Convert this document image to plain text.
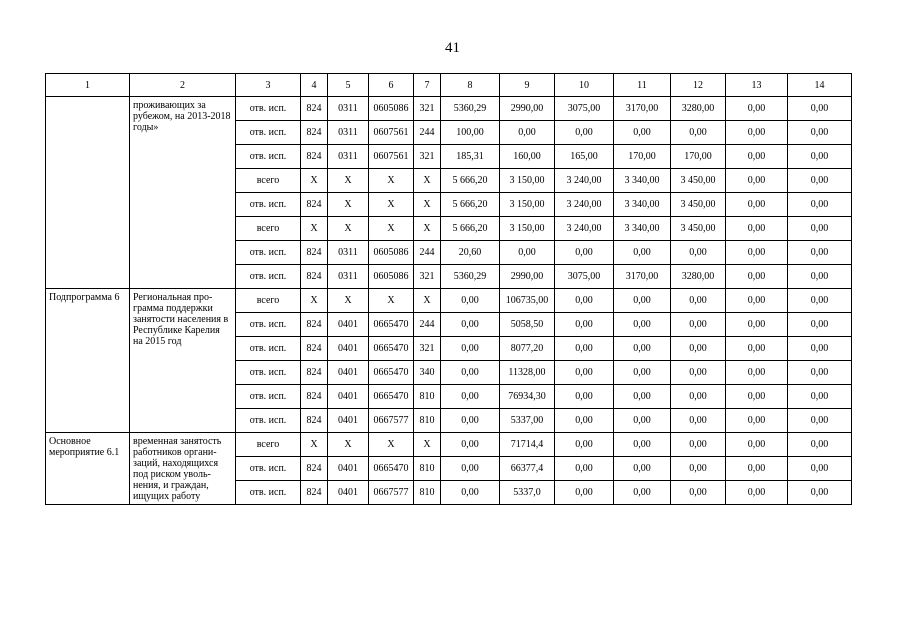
41
1	2	3	4	5	6	7	8	9	10	11	12	13	14
	проживающих за рубежом, на 2013-2018 годы»	отв. исп.	824	0311	0605086	321	5360,29	2990,00	3075,00	3170,00	3280,00	0,00	0,00
		отв. исп.	824	0311	0607561	244	100,00	0,00	0,00	0,00	0,00	0,00	0,00
		отв. исп.	824	0311	0607561	321	185,31	160,00	165,00	170,00	170,00	0,00	0,00
		всего	X	X	X	X	5 666,20	3 150,00	3 240,00	3 340,00	3 450,00	0,00	0,00
		отв. исп.	824	X	X	X	5 666,20	3 150,00	3 240,00	3 340,00	3 450,00	0,00	0,00
		всего	X	X	X	X	5 666,20	3 150,00	3 240,00	3 340,00	3 450,00	0,00	0,00
		отв. исп.	824	0311	0605086	244	20,60	0,00	0,00	0,00	0,00	0,00	0,00
		отв. исп.	824	0311	0605086	321	5360,29	2990,00	3075,00	3170,00	3280,00	0,00	0,00
Подпрограмма 6	Региональная про-грамма поддержки занятости населения в Республике Карелия на 2015 год	всего	X	X	X	X	0,00	106735,00	0,00	0,00	0,00	0,00	0,00
		отв. исп.	824	0401	0665470	244	0,00	5058,50	0,00	0,00	0,00	0,00	0,00
		отв. исп.	824	0401	0665470	321	0,00	8077,20	0,00	0,00	0,00	0,00	0,00
		отв. исп.	824	0401	0665470	340	0,00	11328,00	0,00	0,00	0,00	0,00	0,00
		отв. исп.	824	0401	0665470	810	0,00	76934,30	0,00	0,00	0,00	0,00	0,00
		отв. исп.	824	0401	0667577	810	0,00	5337,00	0,00	0,00	0,00	0,00	0,00
Основное мероприятие 6.1	временная занятость работников органи-заций, находящихся под риском уволь-нения, и граждан, ищущих работу	всего	X	X	X	X	0,00	71714,4	0,00	0,00	0,00	0,00	0,00
		отв. исп.	824	0401	0665470	810	0,00	66377,4	0,00	0,00	0,00	0,00	0,00
		отв. исп.	824	0401	0667577	810	0,00	5337,0	0,00	0,00	0,00	0,00	0,00
